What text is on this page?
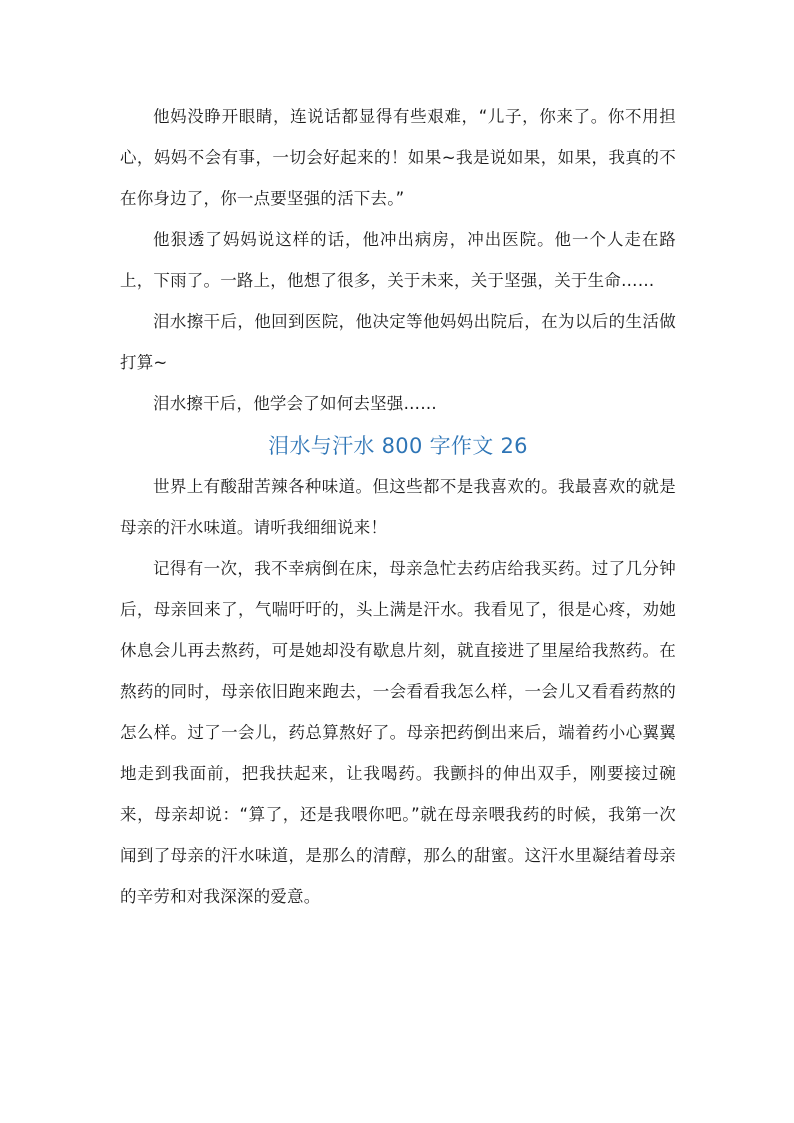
他妈没睁开眼睛，连说话都显得有些艰难，“儿子，你来了。你不用担心，妈妈不会有事，一切会好起来的！如果~我是说如果，如果，我真的不在你身边了，你一点要坚强的活下去。”

他狠透了妈妈说这样的话，他冲出病房，冲出医院。他一个人走在路上，下雨了。一路上，他想了很多，关于未来，关于坚强，关于生命……

泪水擦干后，他回到医院，他决定等他妈妈出院后，在为以后的生活做打算~

泪水擦干后，他学会了如何去坚强……

泪水与汗水 800 字作文 26

世界上有酸甜苦辣各种味道。但这些都不是我喜欢的。我最喜欢的就是母亲的汗水味道。请听我细细说来！

记得有一次，我不幸病倒在床，母亲急忙去药店给我买药。过了几分钟后，母亲回来了，气喘吁吁的，头上满是汗水。我看见了，很是心疼，劝她休息会儿再去熬药，可是她却没有歇息片刻，就直接进了里屋给我熬药。在熬药的同时，母亲依旧跑来跑去，一会看看我怎么样，一会儿又看看药熬的怎么样。过了一会儿，药总算熬好了。母亲把药倒出来后，端着药小心翼翼地走到我面前，把我扶起来，让我喝药。我颤抖的伸出双手，刚要接过碗来，母亲却说：“算了，还是我喂你吧。”就在母亲喂我药的时候，我第一次闻到了母亲的汗水味道，是那么的清醇，那么的甜蜜。这汗水里凝结着母亲的辛劳和对我深深的爱意。
